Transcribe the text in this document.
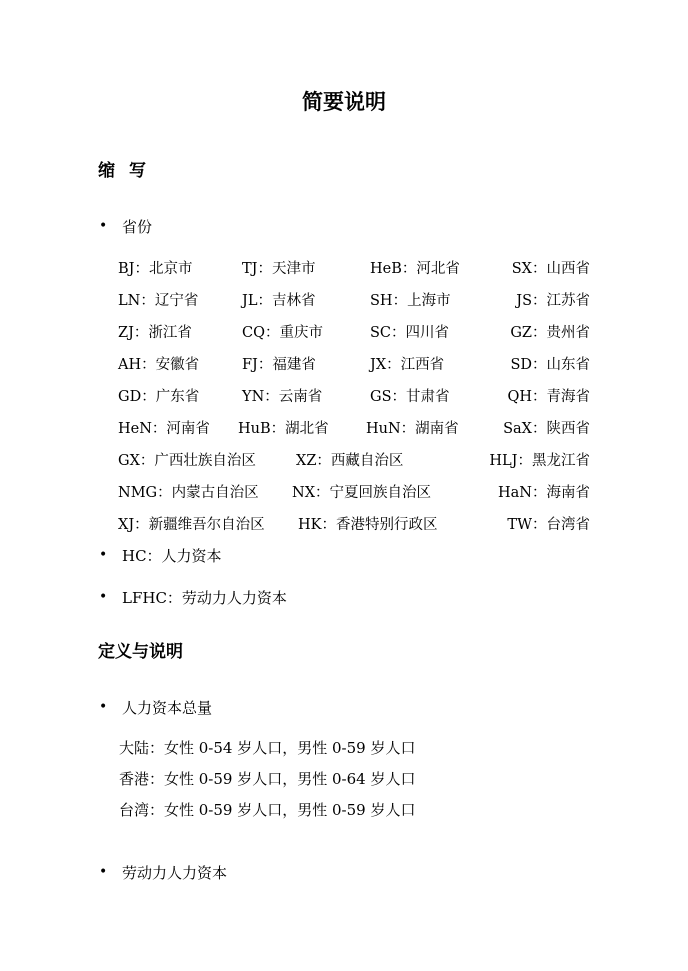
简要说明
缩写
• 省份
BJ：北京市	TJ：天津市	HeB：河北省	SX：山西省
LN：辽宁省	JL：吉林省	SH：上海市	JS：江苏省
ZJ：浙江省	CQ：重庆市	SC：四川省	GZ：贵州省
AH：安徽省	FJ：福建省	JX：江西省	SD：山东省
GD：广东省	YN：云南省	GS：甘肃省	QH：青海省
HeN：河南省 HuB：湖北省	HuN：湖南省	SaX：陕西省
GX：广西壮族自治区	XZ：西藏自治区	HLJ：黑龙江省
NMG：内蒙古自治区 NX：宁夏回族自治区	HaN：海南省
XJ：新疆维吾尔自治区 HK：香港特别行政区	TW：台湾省
• HC：人力资本
• LFHC：劳动力人力资本
定义与说明
• 人力资本总量
大陆：女性 0-54 岁人口，男性 0-59 岁人口
香港：女性 0-59 岁人口，男性 0-64 岁人口
台湾：女性 0-59 岁人口，男性 0-59 岁人口
• 劳动力人力资本
